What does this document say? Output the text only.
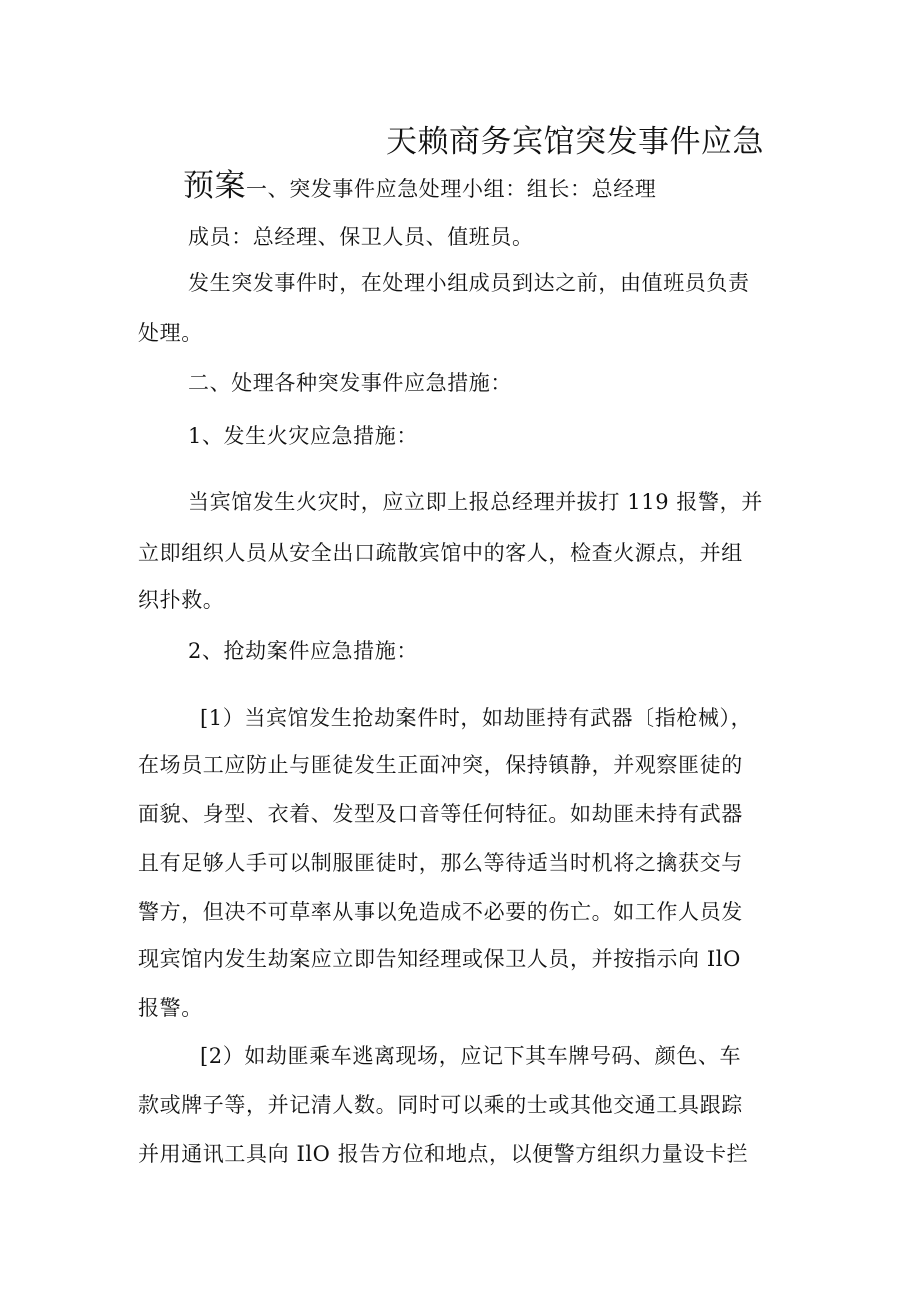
天赖商务宾馆突发事件应急
预案一、突发事件应急处理小组：组长：总经理
成员：总经理、保卫人员、值班员。
发生突发事件时，在处理小组成员到达之前，由值班员负责
处理。
二、处理各种突发事件应急措施：
1、发生火灾应急措施：
当宾馆发生火灾时，应立即上报总经理并拔打 119 报警，并
立即组织人员从安全出口疏散宾馆中的客人，检查火源点，并组
织扑救。
2、抢劫案件应急措施：
[1）当宾馆发生抢劫案件时，如劫匪持有武器〔指枪械），
在场员工应防止与匪徒发生正面冲突，保持镇静，并观察匪徒的
面貌、身型、衣着、发型及口音等任何特征。如劫匪未持有武器
且有足够人手可以制服匪徒时，那么等待适当时机将之擒获交与
警方，但决不可草率从事以免造成不必要的伤亡。如工作人员发
现宾馆内发生劫案应立即告知经理或保卫人员，并按指示向 IlO
报警。
[2）如劫匪乘车逃离现场，应记下其车牌号码、颜色、车
款或牌子等，并记清人数。同时可以乘的士或其他交通工具跟踪
并用通讯工具向 IlO 报告方位和地点，以便警方组织力量设卡拦
